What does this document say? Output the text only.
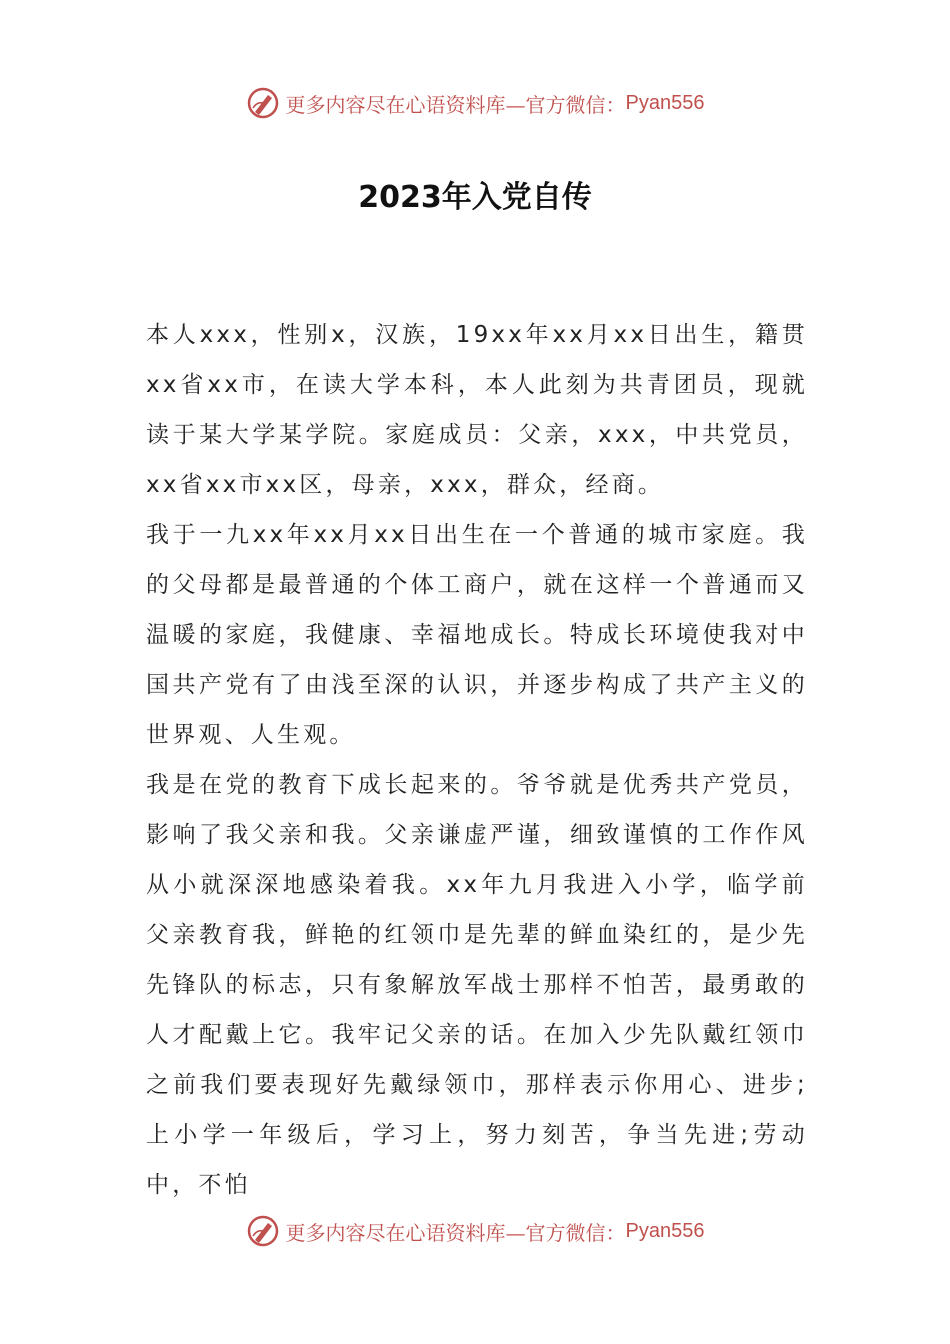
更多内容尽在心语资料库—官方微信： Pyan556
2023年入党自传

本人xxx，性别x，汉族，19xx年xx月xx日出生，籍贯xx省xx市，在读大学本科，本人此刻为共青团员，现就读于某大学某学院。家庭成员：父亲，xxx，中共党员，xx省xx市xx区，母亲，xxx，群众，经商。

我于一九xx年xx月xx日出生在一个普通的城市家庭。我的父母都是最普通的个体工商户，就在这样一个普通而又温暖的家庭，我健康、幸福地成长。特成长环境使我对中国共产党有了由浅至深的认识，并逐步构成了共产主义的世界观、人生观。

我是在党的教育下成长起来的。爷爷就是优秀共产党员，影响了我父亲和我。父亲谦虚严谨，细致谨慎的工作作风从小就深深地感染着我。xx年九月我进入小学，临学前父亲教育我，鲜艳的红领巾是先辈的鲜血染红的，是少先先锋队的标志，只有象解放军战士那样不怕苦，最勇敢的人才配戴上它。我牢记父亲的话。在加入少先队戴红领巾之前我们要表现好先戴绿领巾，那样表示你用心、进步;上小学一年级后，学习上，努力刻苦，争当先进;劳动中，不怕

更多内容尽在心语资料库—官方微信： Pyan556
